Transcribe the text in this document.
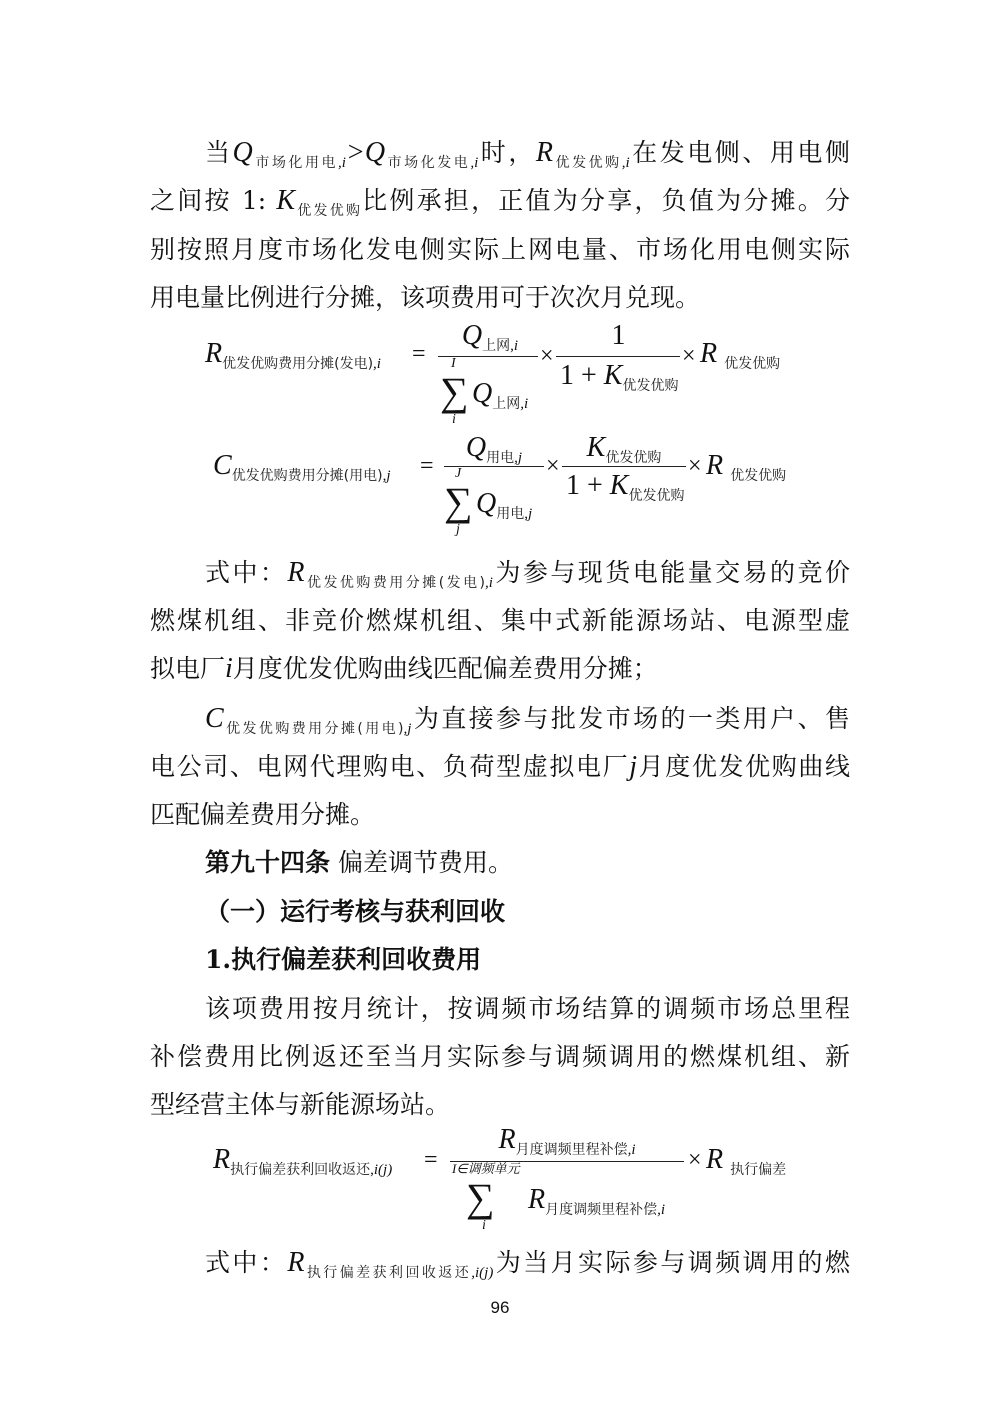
当$Q_{市场化用电,i}>Q_{市场化发电,i}$时，$R_{优发优购,i}$在发电侧、用电侧
之间按 1: $K_{优发优购}$比例承担，正值为分享，负值为分摊。分
别按照月度市场化发电侧实际上网电量、市场化用电侧实际
用电量比例进行分摊，该项费用可于次次月兑现。
$R_{优发优购费用分摊(发电),i}$ =
$Q_{上网,i}$
I
∑ $Q_{上网,i}$
i
×
1
$1 + K_{优发优购}$
× R $_{优发优购}$
$C_{优发优购费用分摊(用电),j}$ =
$Q_{用电,j}$
J
∑ $Q_{用电,j}$
j
×
$K_{优发优购}$
$1 + K_{优发优购}$
× R $_{优发优购}$
式中：$R_{优发优购费用分摊(发电),i}$为参与现货电能量交易的竞价
燃煤机组、非竞价燃煤机组、集中式新能源场站、电源型虚
拟电厂i月度优发优购曲线匹配偏差费用分摊；
$C_{优发优购费用分摊(用电),j}$为直接参与批发市场的一类用户、售
电公司、电网代理购电、负荷型虚拟电厂j月度优发优购曲线
匹配偏差费用分摊。
第九十四条 偏差调节费用。
（一）运行考核与获利回收
1.执行偏差获利回收费用
该项费用按月统计，按调频市场结算的调频市场总里程
补偿费用比例返还至当月实际参与调频调用的燃煤机组、新
型经营主体与新能源场站。
$R_{执行偏差获利回收返还,i(j)}$ =
$R_{月度调频里程补偿,i}$
I∈调频单元
∑ $R_{月度调频里程补偿,i}$
i
× R $_{执行偏差}$
式中：$R_{执行偏差获利回收返还,i(j)}$为当月实际参与调频调用的燃
96
